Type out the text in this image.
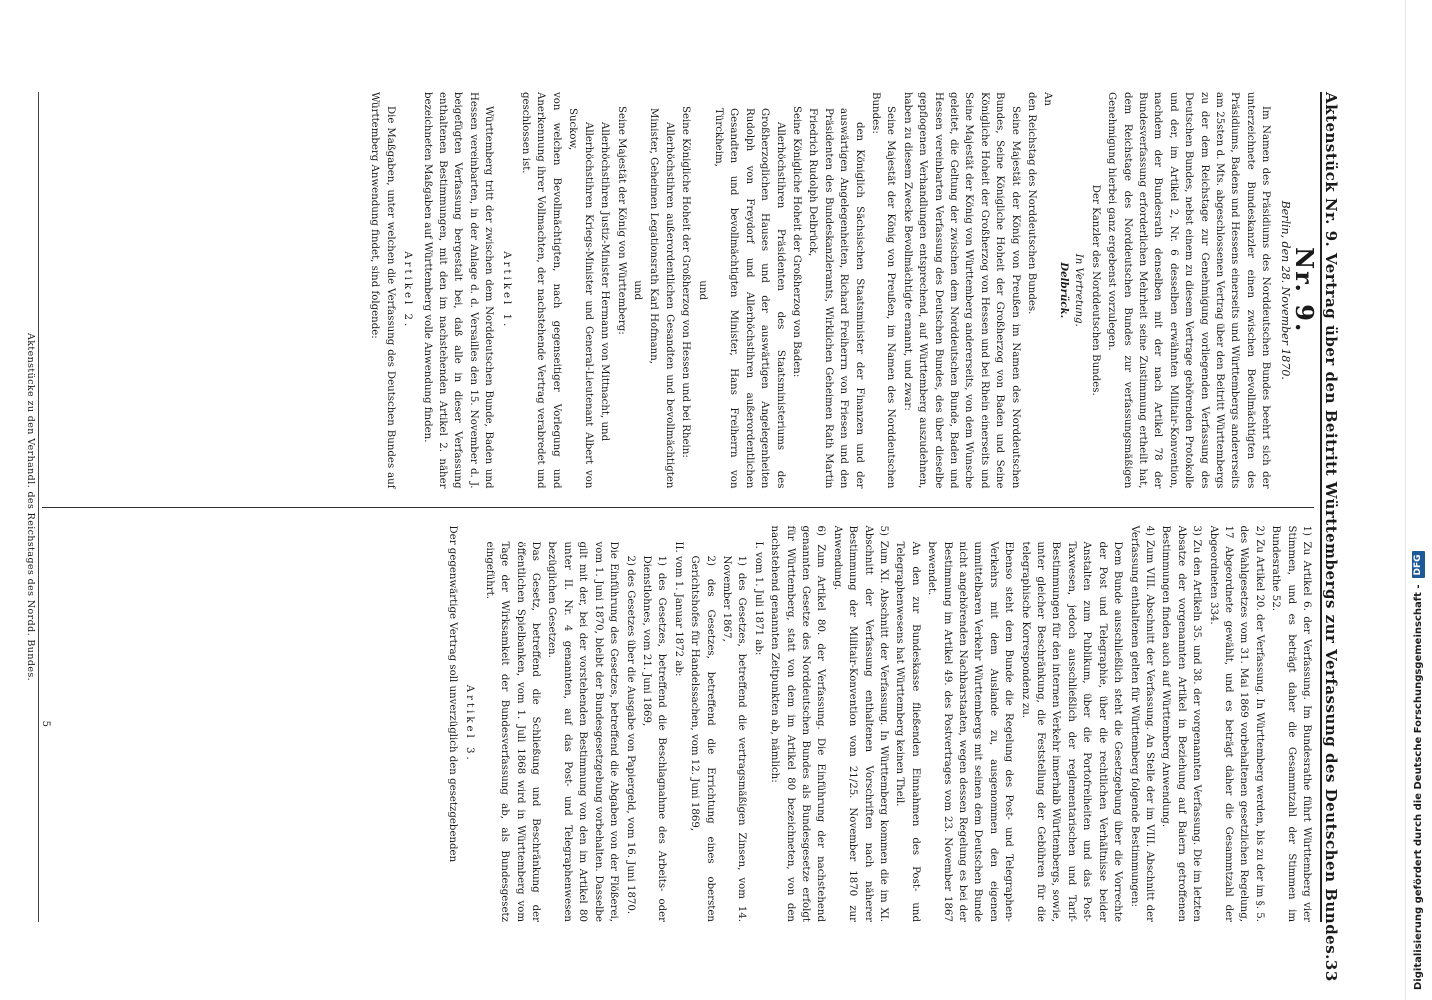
Aktenstück Nr. 9. Vertrag über den Beitritt Württembergs zur Verfassung des Deutschen Bundes.
33
Nr. 9.
Berlin, den 28. November 1870.

Im Namen des Präsidiums des Norddeutschen Bundes beehrt sich der unterzeichnete Bundeskanzler einen zwischen Bevollmächtigten des Präsidiums, Badens und Hessens einerseits und Württembergs andererseits am 25sten d. Mts. abgeschlossenen Vertrag über den Beitritt Württembergs zu der dem Reichstage zur Genehmigung vorliegenden Verfassung des Deutschen Bundes, nebst einem zu diesem Vertrage gehörenden Protokolle und der, im Artikel 2, Nr. 6 desselben erwähnten Militair-Konvention, nachdem der Bundesrath denselben mit der nach Artikel 78 der Bundesverfassung erforderlichen Mehrheit seine Zustimmung ertheilt hat, dem Reichstage des Norddeutschen Bundes zur verfassungsmäßigen Genehmigung hierbei ganz ergebenst vorzulegen.

Der Kanzler des Norddeutschen Bundes.

In Vertretung.
Delbrück.

An

den Reichstag des Norddeutschen Bundes.

Seine Majestät der König von Preußen im Namen des Norddeutschen Bundes, Seine Königliche Hoheit der Großherzog von Baden und Seine Königliche Hoheit der Großherzog von Hessen und bei Rhein einerseits und Seine Majestät der König von Württemberg andererseits, von dem Wunsche geleitet, die Geltung der zwischen dem Norddeutschen Bunde, Baden und Hessen vereinbarten Verfassung des Deutschen Bundes, des über dieselbe gepflogenen Verhandlungen entsprechend, auf Württemberg auszudehnen, haben zu diesem Zwecke Bevollmächtigte ernannt, und zwar:

Seine Majestät der König von Preußen, im Namen des Norddeutschen Bundes:

den Königlich Sächsischen Staatsminister der Finanzen und der auswärtigen Angelegenheiten, Richard Freiherrn von Friesen und den Präsidenten des Bundeskanzleramts, Wirklichen Geheimen Rath Martin Friedrich Rudolph Delbrück,

Seine Königliche Hoheit der Großherzog von Baden:

Allerhöchstihren Präsidenten des Staatsministeriums des Großherzoglichen Hauses und der auswärtigen Angelegenheiten Rudolph von Freydorf und Allerhöchstihren außerordentlichen Gesandten und bevollmächtigten Minister, Hans Freiherrn von Türckheim,

und

Seine Königliche Hoheit der Großherzog von Hessen und bei Rhein:

Allerhöchstihren außerordentlichen Gesandten und bevollmächtigten Minister, Geheimen Legationsrath Karl Hofmann,

und

Seine Majestät der König von Württemberg:

Allerhöchstihren Justiz-Minister Hermann von Mittnacht, und

Allerhöchstihren Kriegs-Minister und General-Lieutenant Albert von Suckow,

von welchen Bevollmächtigten, nach gegenseitiger Vorlegung und Anerkennung ihrer Vollmachten, der nachstehende Vertrag verabredet und geschlossen ist.

Artikel 1.

Württemberg tritt der zwischen dem Norddeutschen Bunde, Baden und Hessen vereinbarten, in der Anlage d. d. Versailles den 15. November d. J. beigefügten Verfassung bergestalt bei, daß alle in dieser Verfassung enthaltenen Bestimmungen, mit den im nachstehenden Artikel 2. näher bezeichneten Maßgaben auf Württemberg volle Anwendung finden.

Artikel 2.

Die Maßgaben, unter welchen die Verfassung des Deutschen Bundes auf Württemberg Anwendung findet, sind folgende:

1) Zu Artikel 6. der Verfassung. Im Bundesrathe führt Württemberg vier Stimmen, und es beträgt daher die Gesammtzahl der Stimmen im Bundesrathe 52.
2) Zu Artikel 20. der Verfassung. In Württemberg werden, bis zu der im §. 5. des Wahlgesetzes vom 31. Mai 1869 vorbehaltenen gesetzlichen Regelung, 17 Abgeordnete gewählt, und es beträgt daher die Gesammtzahl der Abgeordneten 334.
3) Zu den Artikeln 35. und 38. der vorgenannten Verfassung. Die im letzten Absatze der vorgenannten Artikel in Beziehung auf Baiern getroffenen Bestimmungen finden auch auf Württemberg Anwendung.
4) Zum VIII. Abschnitt der Verfassung. An Stelle der im VIII. Abschnitt der Verfassung enthaltenen gelten für Württemberg folgende Bestimmungen:
Dem Bunde ausschließlich steht die Gesetzgebung über die Vorrechte der Post und Telegraphie, über die rechtlichen Verhältnisse beider Anstalten zum Publikum, über die Portofreiheiten und das Post-Taxwesen, jedoch ausschließlich der reglementarischen und Tarif-Bestimmungen für den internen Verkehr innerhalb Württembergs, sowie, unter gleicher Beschränkung, die Feststellung der Gebühren für die telegraphische Korrespondenz zu.
Ebenso steht dem Bunde die Regelung des Post- und Telegraphen-Verkehrs mit dem Auslande zu, ausgenommen den eigenen unmittelbaren Verkehr Württembergs mit seinen dem Deutschen Bunde nicht angehörenden Nachbarstaaten, wegen dessen Regelung es bei der Bestimmung im Artikel 49. des Postvertrages vom 23. November 1867 bewendet.
An den zur Bundeskasse fließenden Einnahmen des Post- und Telegraphenwesens hat Württemberg keinen Theil.
5) Zum XI. Abschnitt der Verfassung. In Württemberg kommen die im XI. Abschnitt der Verfassung enthaltenen Vorschriften nach näherer Bestimmung der Militair-Konvention vom 21/25. November 1870 zur Anwendung.
6) Zum Artikel 80. der Verfassung. Die Einführung der nachstehend genannten Gesetze des Norddeutschen Bundes als Bundesgesetze erfolgt für Württemberg, statt von dem im Artikel 80 bezeichneten, von den nachstehend genannten Zeitpunkten ab, nämlich:
I. vom 1. Juli 1871 ab:
1) des Gesetzes, betreffend die vertragsmäßigen Zinsen, vom 14. November 1867,
2) des Gesetzes, betreffend die Errichtung eines obersten Gerichtshofes für Handelssachen, vom 12. Juni 1869,
II. vom 1. Januar 1872 ab:
1) des Gesetzes, betreffend die Beschlagnahme des Arbeits- oder Dienstlohnes, vom 21. Juni 1869,
2) des Gesetzes über die Ausgabe von Papiergeld, vom 16. Juni 1870.
Die Einführung des Gesetzes, betreffend die Abgaben von der Flößerei, vom 1. Juni 1870, bleibt der Bundesgesetzgebung vorbehalten. Dasselbe gilt mit der, bei der vorstehenden Bestimmung von den im Artikel 80 unter II. Nr. 4 genannten, auf das Post- und Telegraphenwesen bezüglichen Gesetzen.
Das Gesetz, betreffend die Schließung und Beschränkung der öffentlichen Spielbanken, vom 1. Juli 1868 wird in Württemberg vom Tage der Wirksamkeit der Bundesverfassung ab, als Bundesgesetz eingeführt.
Artikel 3.

Der gegenwärtige Vertrag soll unverzüglich den gesetzgebenden

5
Aktenstücke zu den Verhandl. des Reichstages des Nordd. Bundes.
Digitalisierung gefördert durch die Deutsche Forschungsgemeinschaft -
DFG
